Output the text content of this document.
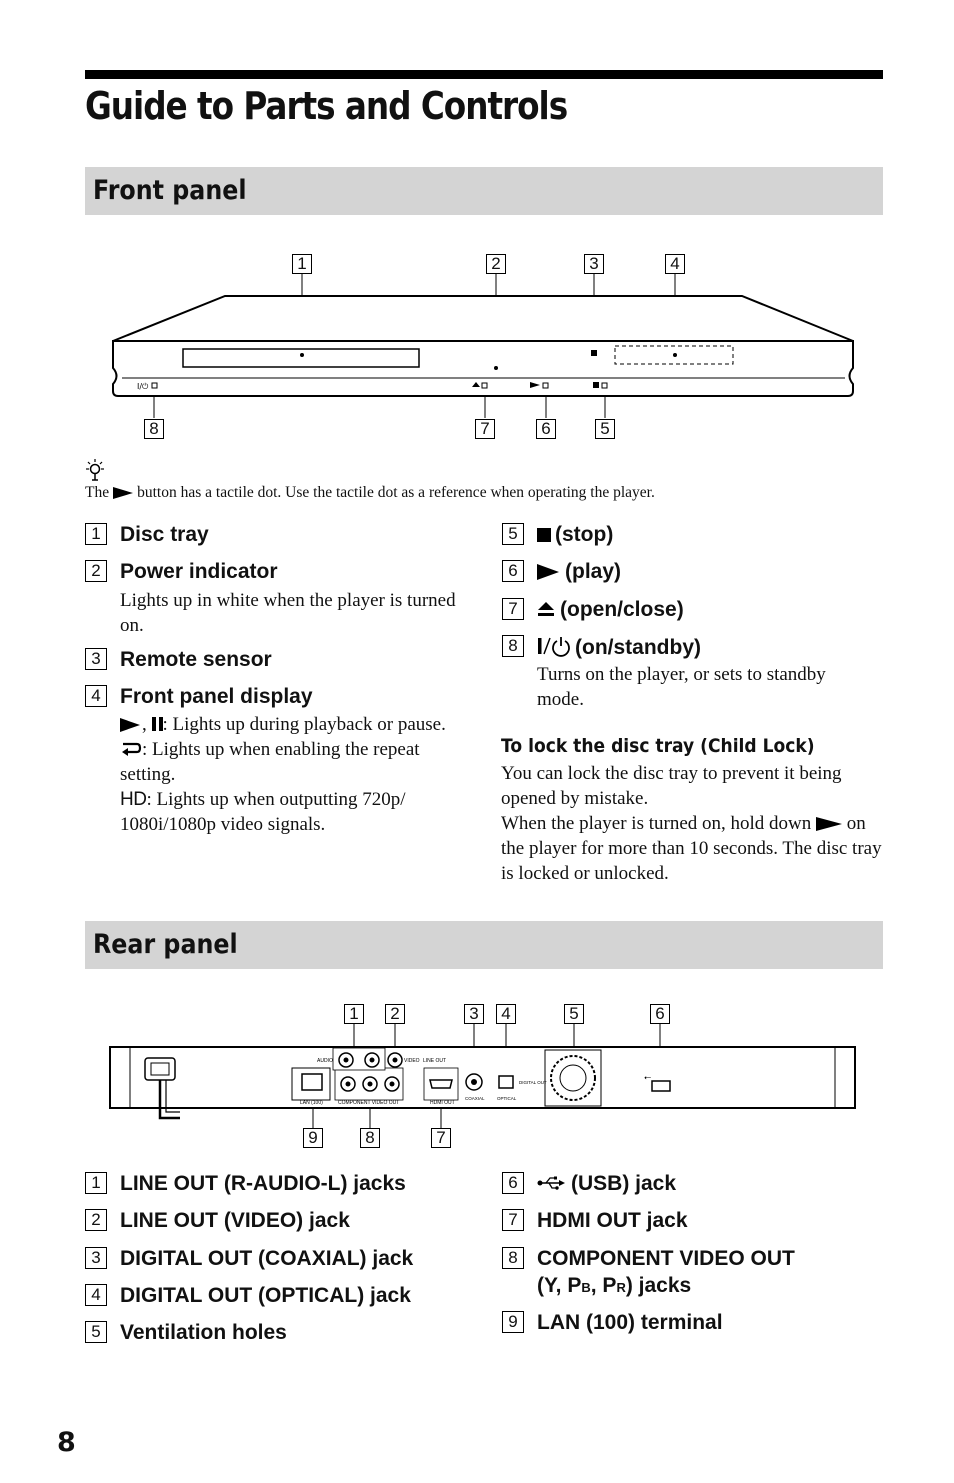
Guide to Parts and Controls
Front panel
I/⏻
1	2	3	4
8	7	6	5
The button has a tactile dot. Use the tactile dot as a reference when operating the player.
1 Disc tray
2 Power indicator
Lights up in white when the player is turned on.
3 Remote sensor
4 Front panel display
, : Lights up during playback or pause.
: Lights up when enabling the repeat setting.
HD: Lights up when outputting 720p/ 1080i/1080p video signals.
5	(stop)
6	(play)
7	(open/close)
8	(on/standby)
Turns on the player, or sets to standby mode.
To lock the disc tray (Child Lock)
You can lock the disc tray to prevent it being opened by mistake.
When the player is turned on, hold down on the player for more than 10 seconds. The disc tray is locked or unlocked.
Rear panel
⭠
AUDIO	VIDEO LINE OUT
LAN (100)	COMPONENT VIDEO OUT	HDMI OUT
COAXIAL	OPTICAL
DIGITAL OUT
1	2	3	4	5	6
9	8	7
1 LINE OUT (R-AUDIO-L) jacks
2 LINE OUT (VIDEO) jack
3 DIGITAL OUT (COAXIAL) jack
4 DIGITAL OUT (OPTICAL) jack
5 Ventilation holes
6	(USB) jack
7 HDMI OUT jack
8 COMPONENT VIDEO OUT
(Y, PB, PR) jacks
9 LAN (100) terminal
8
